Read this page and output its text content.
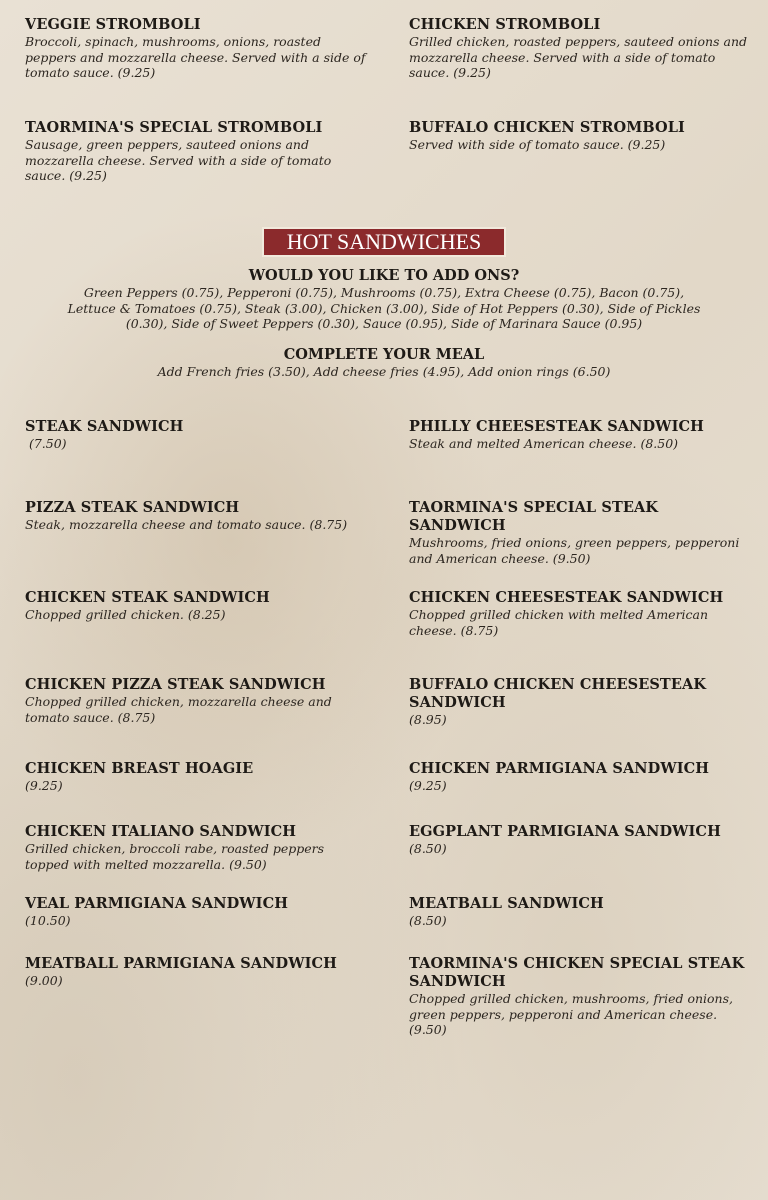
VEGGIE STROMBOLI
Broccoli, spinach, mushrooms, onions, roasted peppers and mozzarella cheese. Served with a side of tomato sauce. (9.25)
CHICKEN STROMBOLI
Grilled chicken, roasted peppers, sauteed onions and mozzarella cheese. Served with a side of tomato sauce. (9.25)
TAORMINA'S SPECIAL STROMBOLI
Sausage, green peppers, sauteed onions and mozzarella cheese. Served with a side of tomato sauce. (9.25)
BUFFALO CHICKEN STROMBOLI
Served with side of tomato sauce. (9.25)
HOT SANDWICHES
WOULD YOU LIKE TO ADD ONS?
Green Peppers (0.75), Pepperoni (0.75), Mushrooms (0.75), Extra Cheese (0.75), Bacon (0.75), Lettuce & Tomatoes (0.75), Steak (3.00), Chicken (3.00), Side of Hot Peppers (0.30), Side of Pickles (0.30), Side of Sweet Peppers (0.30), Sauce (0.95), Side of Marinara Sauce (0.95)
COMPLETE YOUR MEAL
Add French fries (3.50), Add cheese fries (4.95), Add onion rings (6.50)
STEAK SANDWICH
(7.50)
PHILLY CHEESESTEAK SANDWICH
Steak and melted American cheese. (8.50)
PIZZA STEAK SANDWICH
Steak, mozzarella cheese and tomato sauce. (8.75)
TAORMINA'S SPECIAL STEAK SANDWICH
Mushrooms, fried onions, green peppers, pepperoni and American cheese. (9.50)
CHICKEN STEAK SANDWICH
Chopped grilled chicken. (8.25)
CHICKEN CHEESESTEAK SANDWICH
Chopped grilled chicken with melted American cheese. (8.75)
CHICKEN PIZZA STEAK SANDWICH
Chopped grilled chicken, mozzarella cheese and tomato sauce. (8.75)
BUFFALO CHICKEN CHEESESTEAK SANDWICH
(8.95)
CHICKEN BREAST HOAGIE
(9.25)
CHICKEN PARMIGIANA SANDWICH
(9.25)
CHICKEN ITALIANO SANDWICH
Grilled chicken, broccoli rabe, roasted peppers topped with melted mozzarella. (9.50)
EGGPLANT PARMIGIANA SANDWICH
(8.50)
VEAL PARMIGIANA SANDWICH
(10.50)
MEATBALL SANDWICH
(8.50)
MEATBALL PARMIGIANA SANDWICH
(9.00)
TAORMINA'S CHICKEN SPECIAL STEAK SANDWICH
Chopped grilled chicken, mushrooms, fried onions, green peppers, pepperoni and American cheese. (9.50)
